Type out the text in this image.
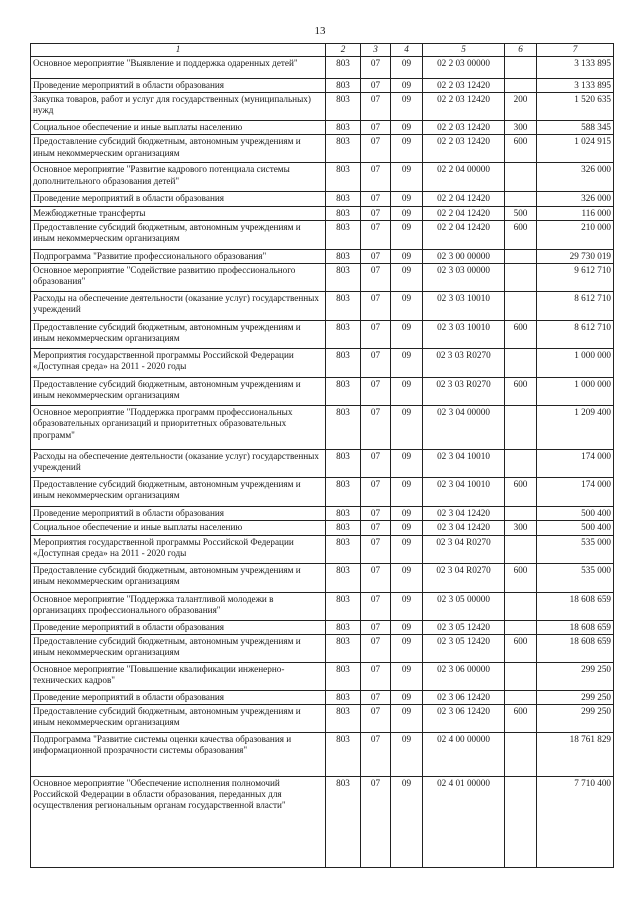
13
1	2	3	4	5	6	7
Основное мероприятие "Выявление и поддержка одаренных детей"	803	07	09	02 2 03 00000		3 133 895
Проведение мероприятий в области образования	803	07	09	02 2 03 12420		3 133 895
Закупка товаров, работ и услуг для государственных (муниципальных) нужд	803	07	09	02 2 03 12420	200	1 520 635
Социальное обеспечение и иные выплаты населению	803	07	09	02 2 03 12420	300	588 345
Предоставление субсидий бюджетным, автономным учреждениям и иным некоммерческим организациям	803	07	09	02 2 03 12420	600	1 024 915
Основное мероприятие "Развитие кадрового потенциала системы дополнительного образования детей"	803	07	09	02 2 04 00000		326 000
Проведение мероприятий в области образования	803	07	09	02 2 04 12420		326 000
Межбюджетные трансферты	803	07	09	02 2 04 12420	500	116 000
Предоставление субсидий бюджетным, автономным учреждениям и иным некоммерческим организациям	803	07	09	02 2 04 12420	600	210 000
Подпрограмма "Развитие профессионального образования"	803	07	09	02 3 00 00000		29 730 019
Основное мероприятие "Содействие развитию профессионального образования"	803	07	09	02 3 03 00000		9 612 710
Расходы на обеспечение деятельности (оказание услуг) государственных учреждений	803	07	09	02 3 03 10010		8 612 710
Предоставление субсидий бюджетным, автономным учреждениям и иным некоммерческим организациям	803	07	09	02 3 03 10010	600	8 612 710
Мероприятия государственной программы Российской Федерации «Доступная среда» на 2011 - 2020 годы	803	07	09	02 3 03 R0270		1 000 000
Предоставление субсидий бюджетным, автономным учреждениям и иным некоммерческим организациям	803	07	09	02 3 03 R0270	600	1 000 000
Основное мероприятие "Поддержка программ профессиональных образовательных организаций и приоритетных образовательных программ"	803	07	09	02 3 04 00000		1 209 400
Расходы на обеспечение деятельности (оказание услуг) государственных учреждений	803	07	09	02 3 04 10010		174 000
Предоставление субсидий бюджетным, автономным учреждениям и иным некоммерческим организациям	803	07	09	02 3 04 10010	600	174 000
Проведение мероприятий в области образования	803	07	09	02 3 04 12420		500 400
Социальное обеспечение и иные выплаты населению	803	07	09	02 3 04 12420	300	500 400
Мероприятия государственной программы Российской Федерации «Доступная среда» на 2011 - 2020 годы	803	07	09	02 3 04 R0270		535 000
Предоставление субсидий бюджетным, автономным учреждениям и иным некоммерческим организациям	803	07	09	02 3 04 R0270	600	535 000
Основное мероприятие "Поддержка талантливой молодежи в организациях профессионального образования"	803	07	09	02 3 05 00000		18 608 659
Проведение мероприятий в области образования	803	07	09	02 3 05 12420		18 608 659
Предоставление субсидий бюджетным, автономным учреждениям и иным некоммерческим организациям	803	07	09	02 3 05 12420	600	18 608 659
Основное мероприятие "Повышение квалификации инженерно-технических кадров"	803	07	09	02 3 06 00000		299 250
Проведение мероприятий в области образования	803	07	09	02 3 06 12420		299 250
Предоставление субсидий бюджетным, автономным учреждениям и иным некоммерческим организациям	803	07	09	02 3 06 12420	600	299 250
Подпрограмма "Развитие системы оценки качества образования и информационной прозрачности системы образования"	803	07	09	02 4 00 00000		18 761 829
Основное мероприятие "Обеспечение исполнения полномочий Российской Федерации в области образования, переданных для осуществления региональным органам государственной власти"	803	07	09	02 4 01 00000		7 710 400
